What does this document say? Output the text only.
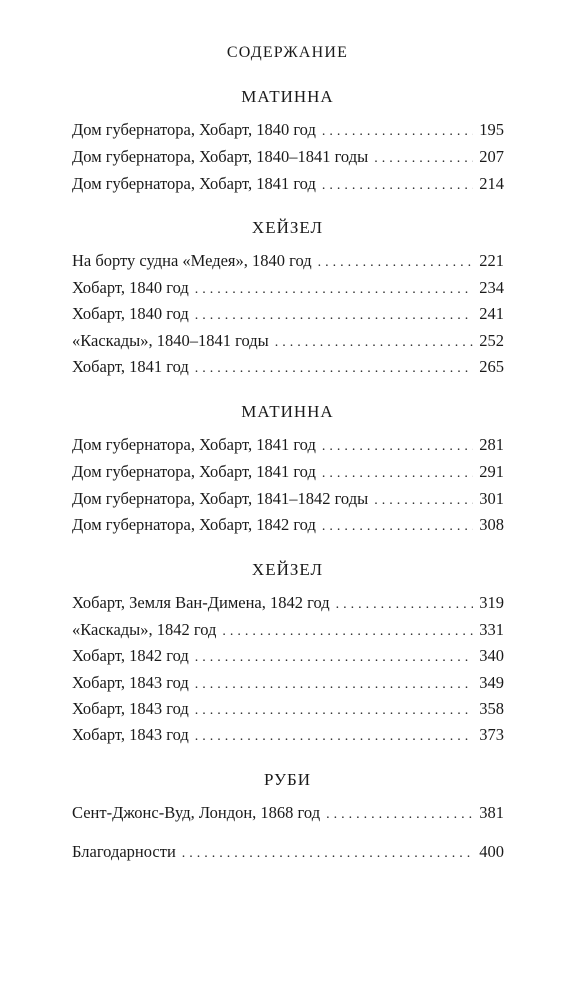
СОДЕРЖАНИЕ
МАТИННА
Дом губернатора, Хобарт, 1840 год . . .	195
Дом губернатора, Хобарт, 1840–1841 годы . . .	207
Дом губернатора, Хобарт, 1841 год . . .	214
ХЕЙЗЕЛ
На борту судна «Медея», 1840 год . . .	221
Хобарт, 1840 год . . .	234
Хобарт, 1840 год . . .	241
«Каскады», 1840–1841 годы . . .	252
Хобарт, 1841 год . . .	265
МАТИННА
Дом губернатора, Хобарт, 1841 год . . .	281
Дом губернатора, Хобарт, 1841 год . . .	291
Дом губернатора, Хобарт, 1841–1842 годы . . .	301
Дом губернатора, Хобарт, 1842 год . . .	308
ХЕЙЗЕЛ
Хобарт, Земля Ван-Димена, 1842 год . . .	319
«Каскады», 1842 год . . .	331
Хобарт, 1842 год . . .	340
Хобарт, 1843 год . . .	349
Хобарт, 1843 год . . .	358
Хобарт, 1843 год . . .	373
РУБИ
Сент-Джонс-Вуд, Лондон, 1868 год . . .	381
Благодарности . . .	400
